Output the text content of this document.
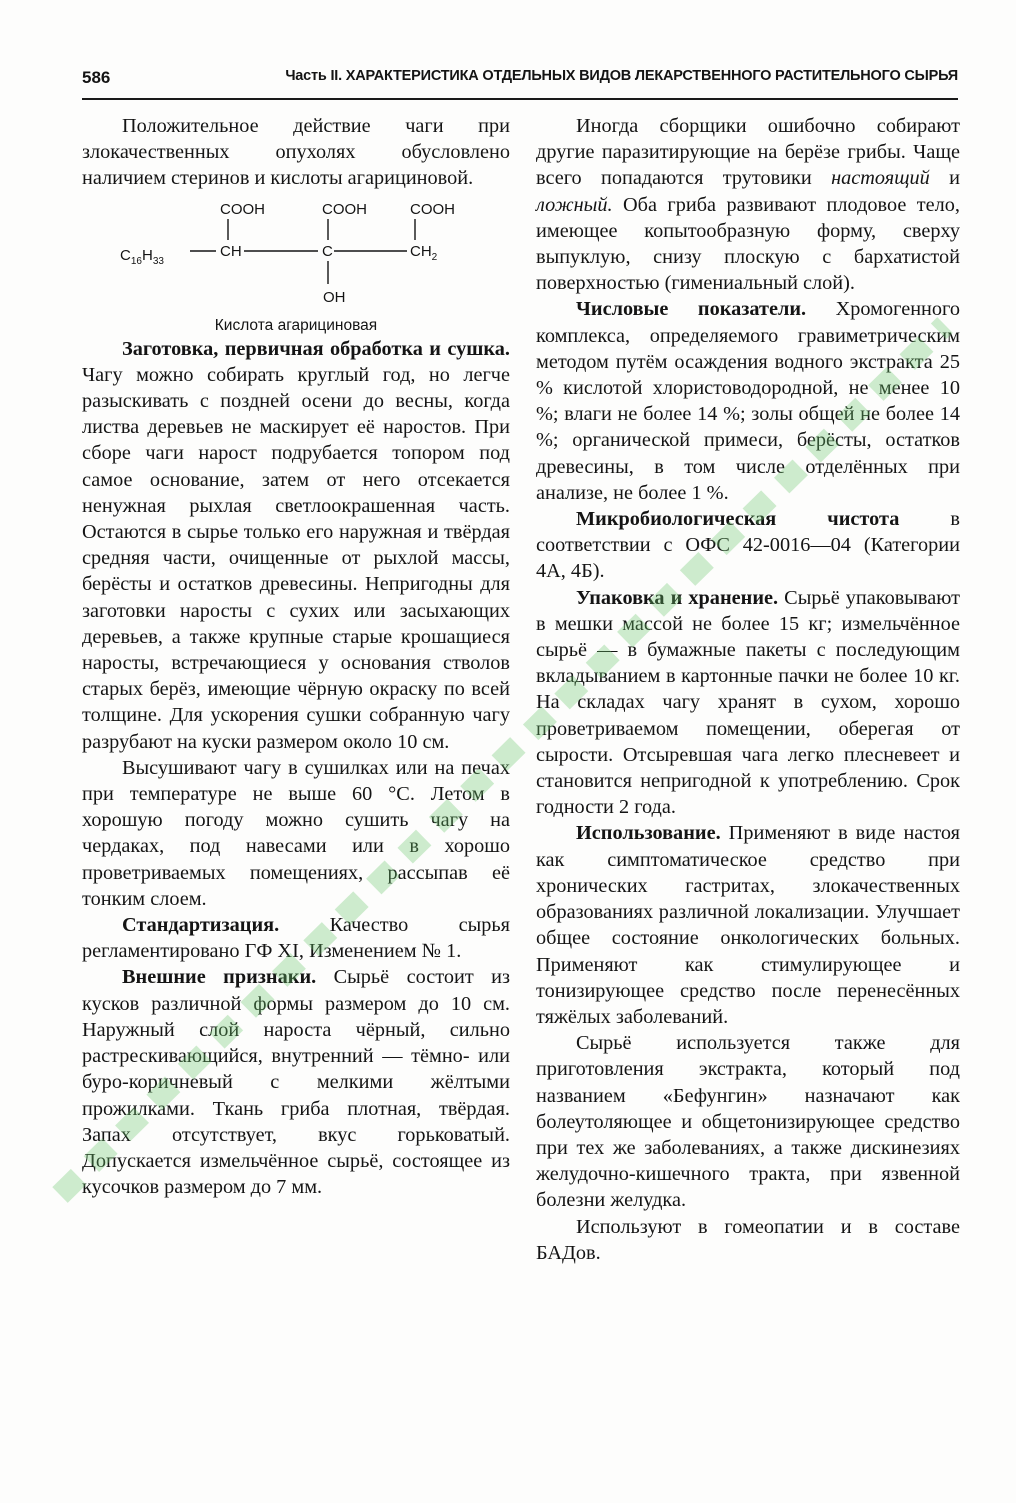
586	Часть II. ХАРАКТЕРИСТИКА ОТДЕЛЬНЫХ ВИДОВ ЛЕКАРСТВЕННОГО РАСТИТЕЛЬНОГО СЫРЬЯ

Положительное действие чаги при злокачественных опухолях обусловлено наличием стеринов и кислоты агарициновой.

COOH	COOH	COOH
$C_{16}H_{33}$
CH	C	$CH_2$
OH

Кислота агарициновая

Заготовка, первичная обработка и сушка. Чагу можно собирать круглый год, но легче разыскивать с поздней осени до весны, когда листва деревьев не маскирует её наростов. При сборе чаги нарост подрубается топором под самое основание, затем от него отсекается ненужная рыхлая светлоокрашенная часть. Остаются в сырье только его наружная и твёрдая средняя части, очищенные от рыхлой массы, берёсты и остатков древесины. Непригодны для заготовки наросты с сухих или засыхающих деревьев, а также крупные старые крошащиеся наросты, встречающиеся у основания стволов старых берёз, имеющие чёрную окраску по всей толщине. Для ускорения сушки собранную чагу разрубают на куски размером около 10 см.

Высушивают чагу в сушилках или на печах при температуре не выше 60 °С. Летом в хорошую погоду можно сушить чагу на чердаках, под навесами или в хорошо проветриваемых помещениях, рассыпав её тонким слоем.

Стандартизация. Качество сырья регламентировано ГФ XI, Изменением № 1.

Внешние признаки. Сырьё состоит из кусков различной формы размером до 10 см. Наружный слой нароста чёрный, сильно растрескивающийся, внутренний — тёмно- или буро-коричневый с мелкими жёлтыми прожилками. Ткань гриба плотная, твёрдая. Запах отсутствует, вкус горьковатый. Допускается измельчённое сырьё, состоящее из кусочков размером до 7 мм.

Иногда сборщики ошибочно собирают другие паразитирующие на берёзе грибы. Чаще всего попадаются трутовики настоящий и ложный. Оба гриба развивают плодовое тело, имеющее копытообразную форму, сверху выпуклую, снизу плоскую с бархатистой поверхностью (гимениальный слой).

Числовые показатели. Хромогенного комплекса, определяемого гравиметрическим методом путём осаждения водного экстракта 25 % кислотой хлористоводородной, не менее 10 %; влаги не более 14 %; золы общей не более 14 %; органической примеси, берёсты, остатков древесины, в том числе отделённых при анализе, не более 1 %.

Микробиологическая чистота в соответствии с ОФС 42-0016—04 (Категории 4А, 4Б).

Упаковка и хранение. Сырьё упаковывают в мешки массой не более 15 кг; измельчённое сырьё — в бумажные пакеты с последующим вкладыванием в картонные пачки не более 10 кг. На складах чагу хранят в сухом, хорошо проветриваемом помещении, оберегая от сырости. Отсыревшая чага легко плесневеет и становится непригодной к употреблению. Срок годности 2 года.

Использование. Применяют в виде настоя как симптоматическое средство при хронических гастритах, злокачественных образованиях различной локализации. Улучшает общее состояние онкологических больных. Применяют как стимулирующее и тонизирующее средство после перенесённых тяжёлых заболеваний.

Сырьё используется также для приготовления экстракта, который под названием «Бефунгин» назначают как болеутоляющее и общетонизирующее средство при тех же заболеваниях, а также дискинезиях желудочно-кишечного тракта, при язвенной болезни желудка.

Используют в гомеопатии и в составе БАДов.
